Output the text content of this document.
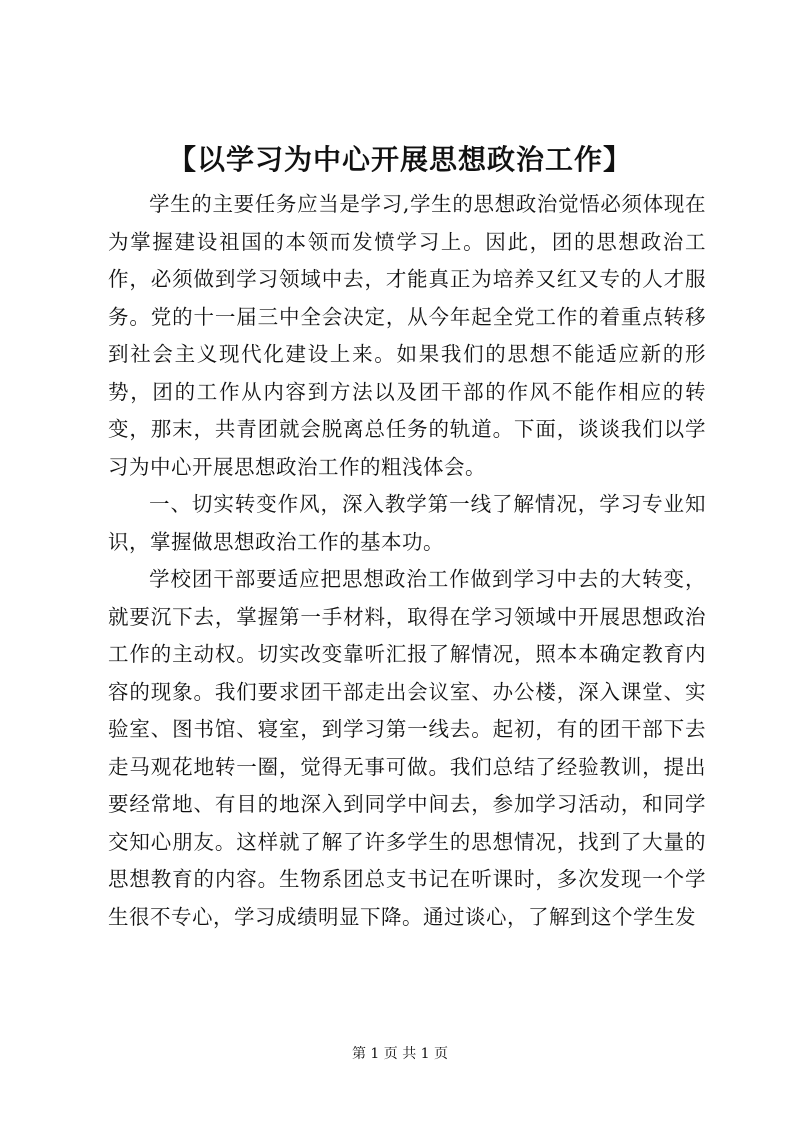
【以学习为中心开展思想政治工作】

学生的主要任务应当是学习,学生的思想政治觉悟必须体现在为掌握建设祖国的本领而发愤学习上。因此，团的思想政治工作，必须做到学习领域中去，才能真正为培养又红又专的人才服务。党的十一届三中全会决定，从今年起全党工作的着重点转移到社会主义现代化建设上来。如果我们的思想不能适应新的形势，团的工作从内容到方法以及团干部的作风不能作相应的转变，那末，共青团就会脱离总任务的轨道。下面，谈谈我们以学习为中心开展思想政治工作的粗浅体会。

一、切实转变作风，深入教学第一线了解情况，学习专业知识，掌握做思想政治工作的基本功。

学校团干部要适应把思想政治工作做到学习中去的大转变，就要沉下去，掌握第一手材料，取得在学习领域中开展思想政治工作的主动权。切实改变靠听汇报了解情况，照本本确定教育内容的现象。我们要求团干部走出会议室、办公楼，深入课堂、实验室、图书馆、寝室，到学习第一线去。起初，有的团干部下去走马观花地转一圈，觉得无事可做。我们总结了经验教训，提出要经常地、有目的地深入到同学中间去，参加学习活动，和同学交知心朋友。这样就了解了许多学生的思想情况，找到了大量的思想教育的内容。生物系团总支书记在听课时，多次发现一个学生很不专心，学习成绩明显下降。通过谈心，了解到这个学生发

第 1 页 共 1 页
